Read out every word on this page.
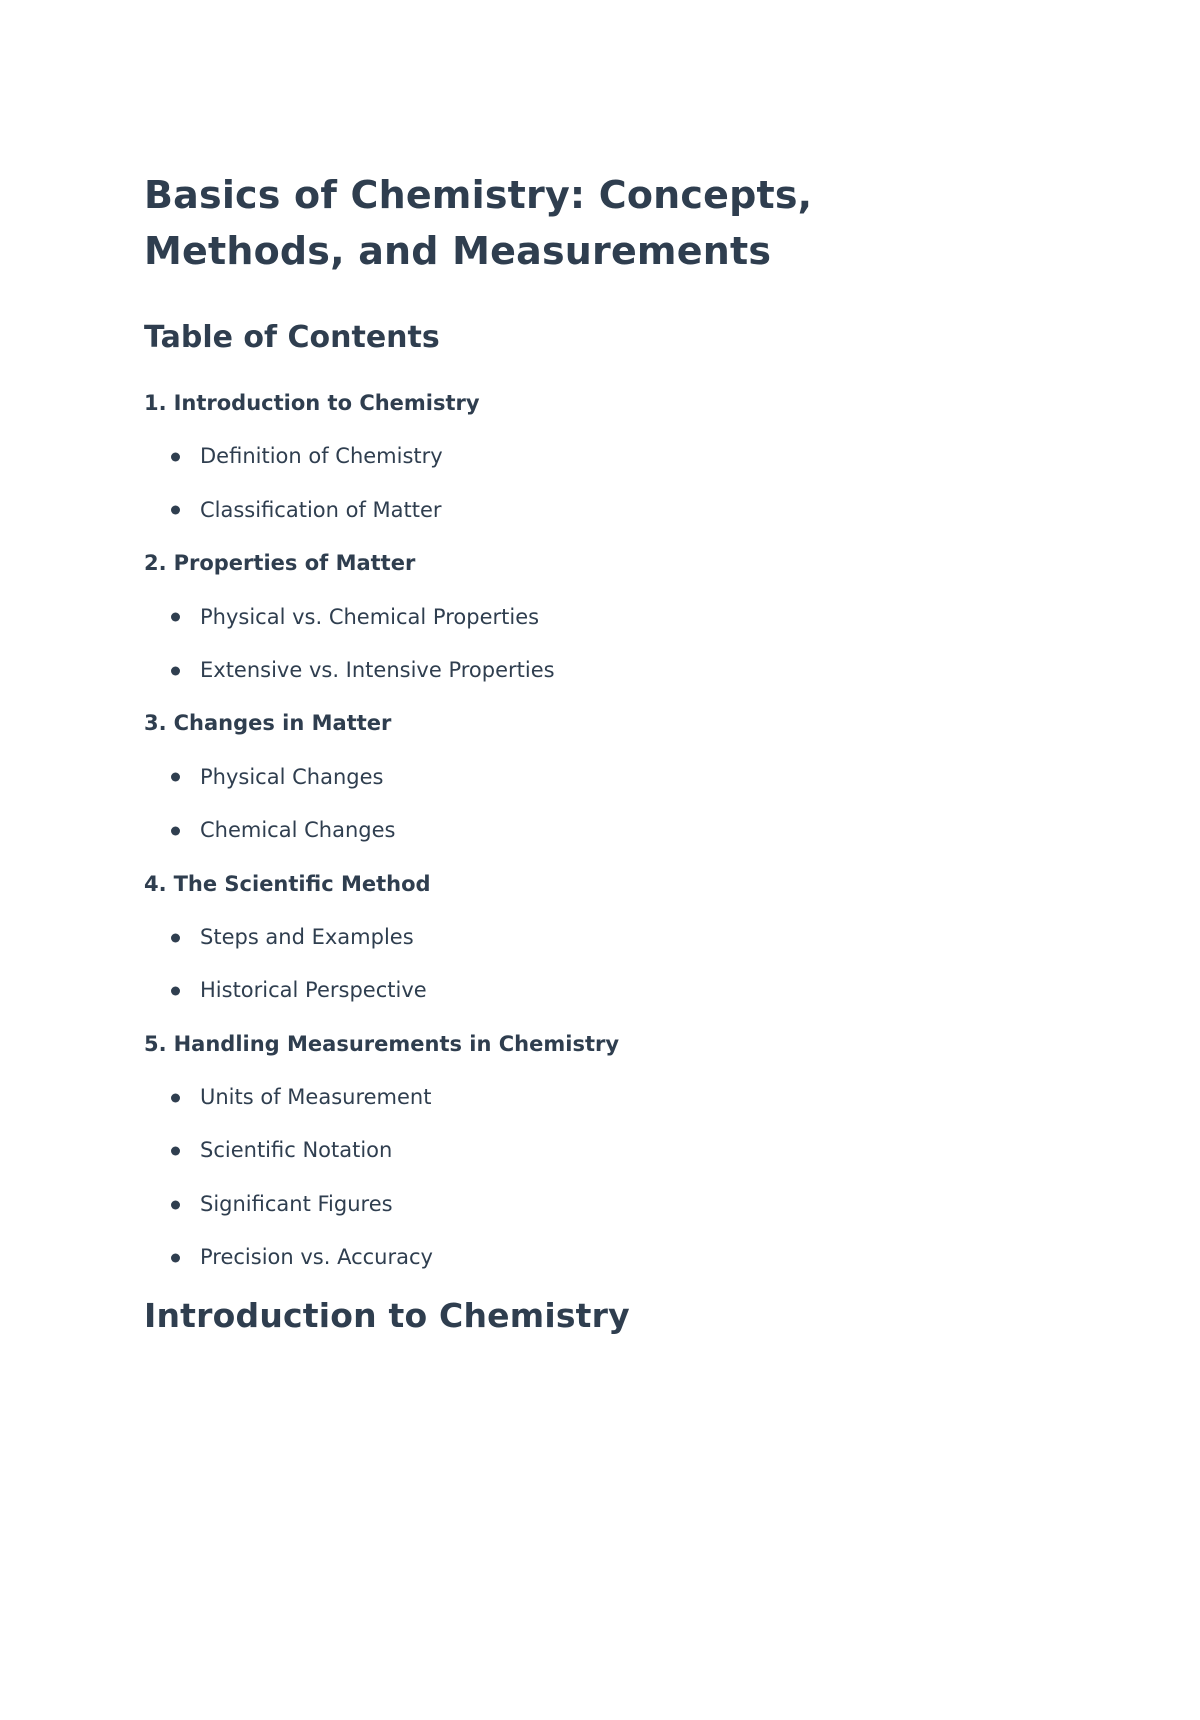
Basics of Chemistry: Concepts, Methods, and Measurements
Table of Contents
1. Introduction to Chemistry
Definition of Chemistry
Classification of Matter
2. Properties of Matter
Physical vs. Chemical Properties
Extensive vs. Intensive Properties
3. Changes in Matter
Physical Changes
Chemical Changes
4. The Scientific Method
Steps and Examples
Historical Perspective
5. Handling Measurements in Chemistry
Units of Measurement
Scientific Notation
Significant Figures
Precision vs. Accuracy
Introduction to Chemistry
